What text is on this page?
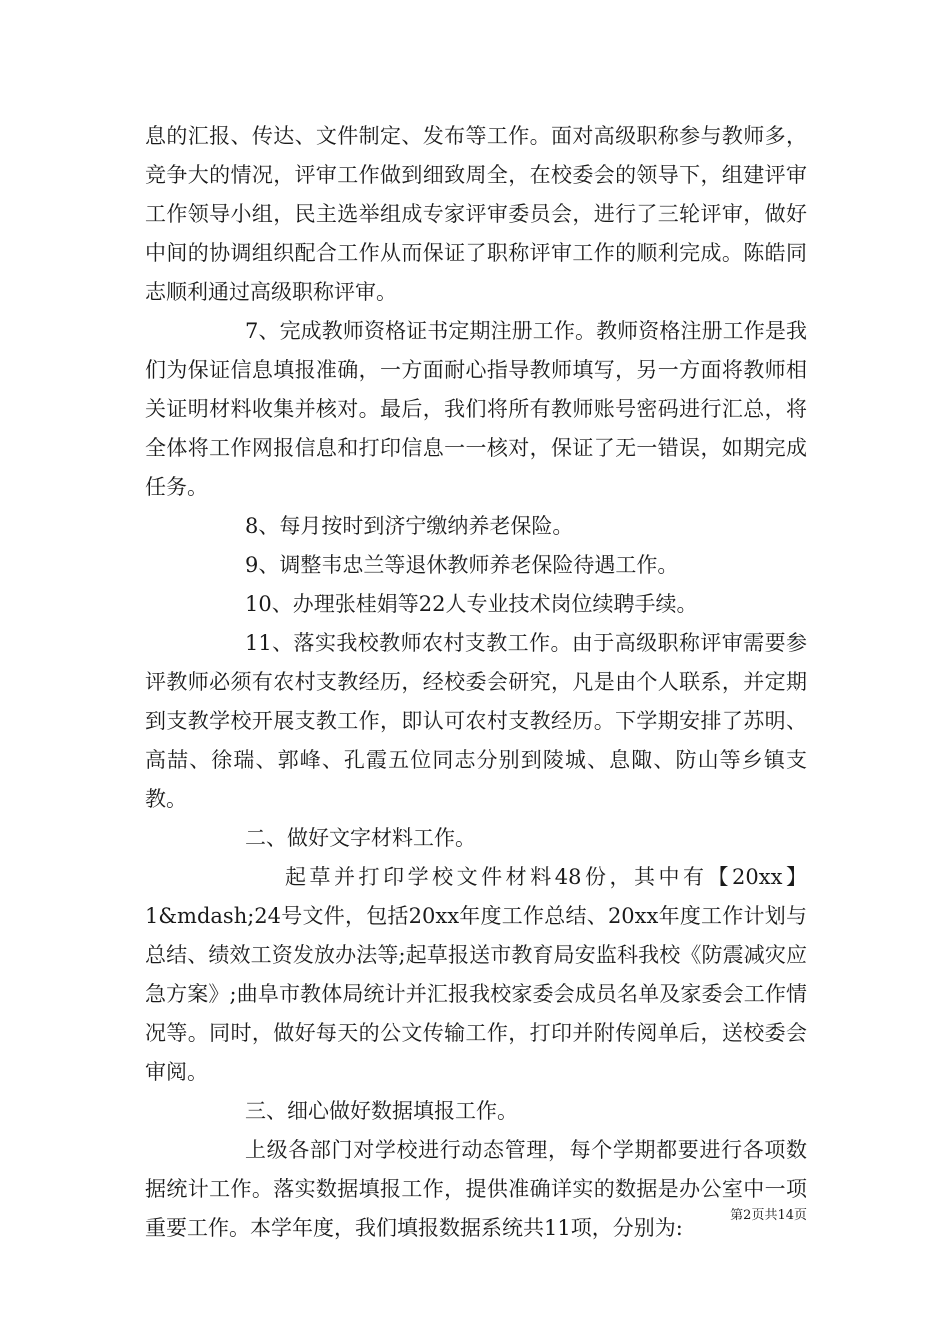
息的汇报、传达、文件制定、发布等工作。面对高级职称参与教师多，竞争大的情况，评审工作做到细致周全，在校委会的领导下，组建评审工作领导小组，民主选举组成专家评审委员会，进行了三轮评审，做好中间的协调组织配合工作从而保证了职称评审工作的顺利完成。陈皓同志顺利通过高级职称评审。

7、完成教师资格证书定期注册工作。教师资格注册工作是我们为保证信息填报准确，一方面耐心指导教师填写，另一方面将教师相关证明材料收集并核对。最后，我们将所有教师账号密码进行汇总，将全体将工作网报信息和打印信息一一核对，保证了无一错误，如期完成任务。

8、每月按时到济宁缴纳养老保险。

9、调整韦忠兰等退休教师养老保险待遇工作。

10、办理张桂娟等22人专业技术岗位续聘手续。

11、落实我校教师农村支教工作。由于高级职称评审需要参评教师必须有农村支教经历，经校委会研究，凡是由个人联系，并定期到支教学校开展支教工作，即认可农村支教经历。下学期安排了苏明、高喆、徐瑞、郭峰、孔霞五位同志分别到陵城、息陬、防山等乡镇支教。

二、做好文字材料工作。

起草并打印学校文件材料48份，其中有【20xx】1&mdash;24号文件，包括20xx年度工作总结、20xx年度工作计划与总结、绩效工资发放办法等;起草报送市教育局安监科我校《防震减灾应急方案》;曲阜市教体局统计并汇报我校家委会成员名单及家委会工作情况等。同时，做好每天的公文传输工作，打印并附传阅单后，送校委会审阅。

三、细心做好数据填报工作。

上级各部门对学校进行动态管理，每个学期都要进行各项数据统计工作。落实数据填报工作，提供准确详实的数据是办公室中一项重要工作。本学年度，我们填报数据系统共11项，分别为:

第2页共14页
